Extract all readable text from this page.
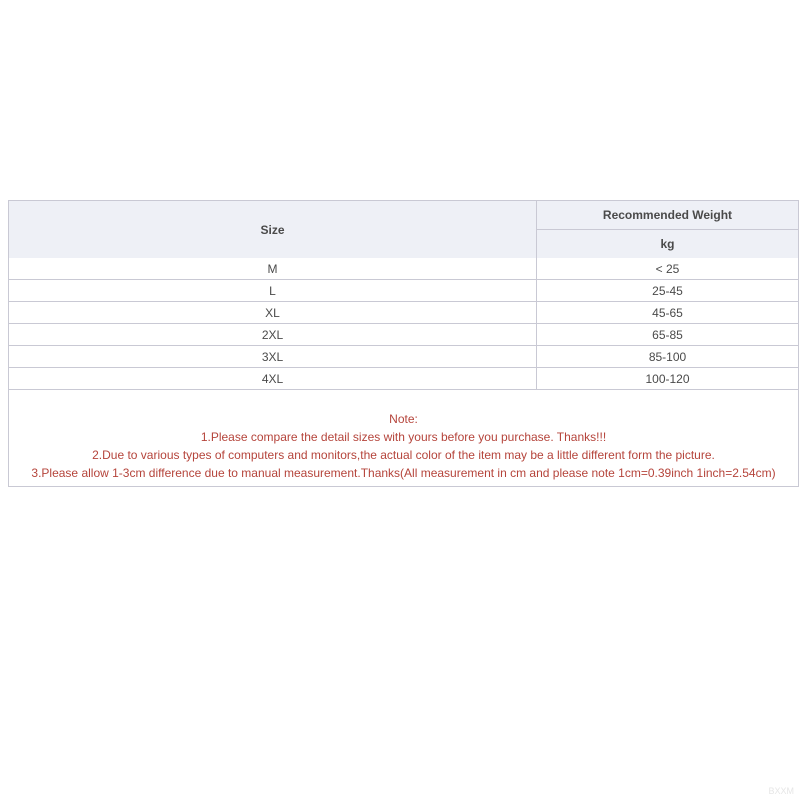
Size	Recommended Weight
	kg
M	< 25
L	25-45
XL	45-65
2XL	65-85
3XL	85-100
4XL	100-120
Note:
1.Please compare the detail sizes with yours before you purchase. Thanks!!!
2.Due to various types of computers and monitors,the actual color of the item may be a little different form the picture.
3.Please allow 1-3cm difference due to manual measurement.Thanks(All measurement in cm and please note 1cm=0.39inch 1inch=2.54cm)
BXXM
